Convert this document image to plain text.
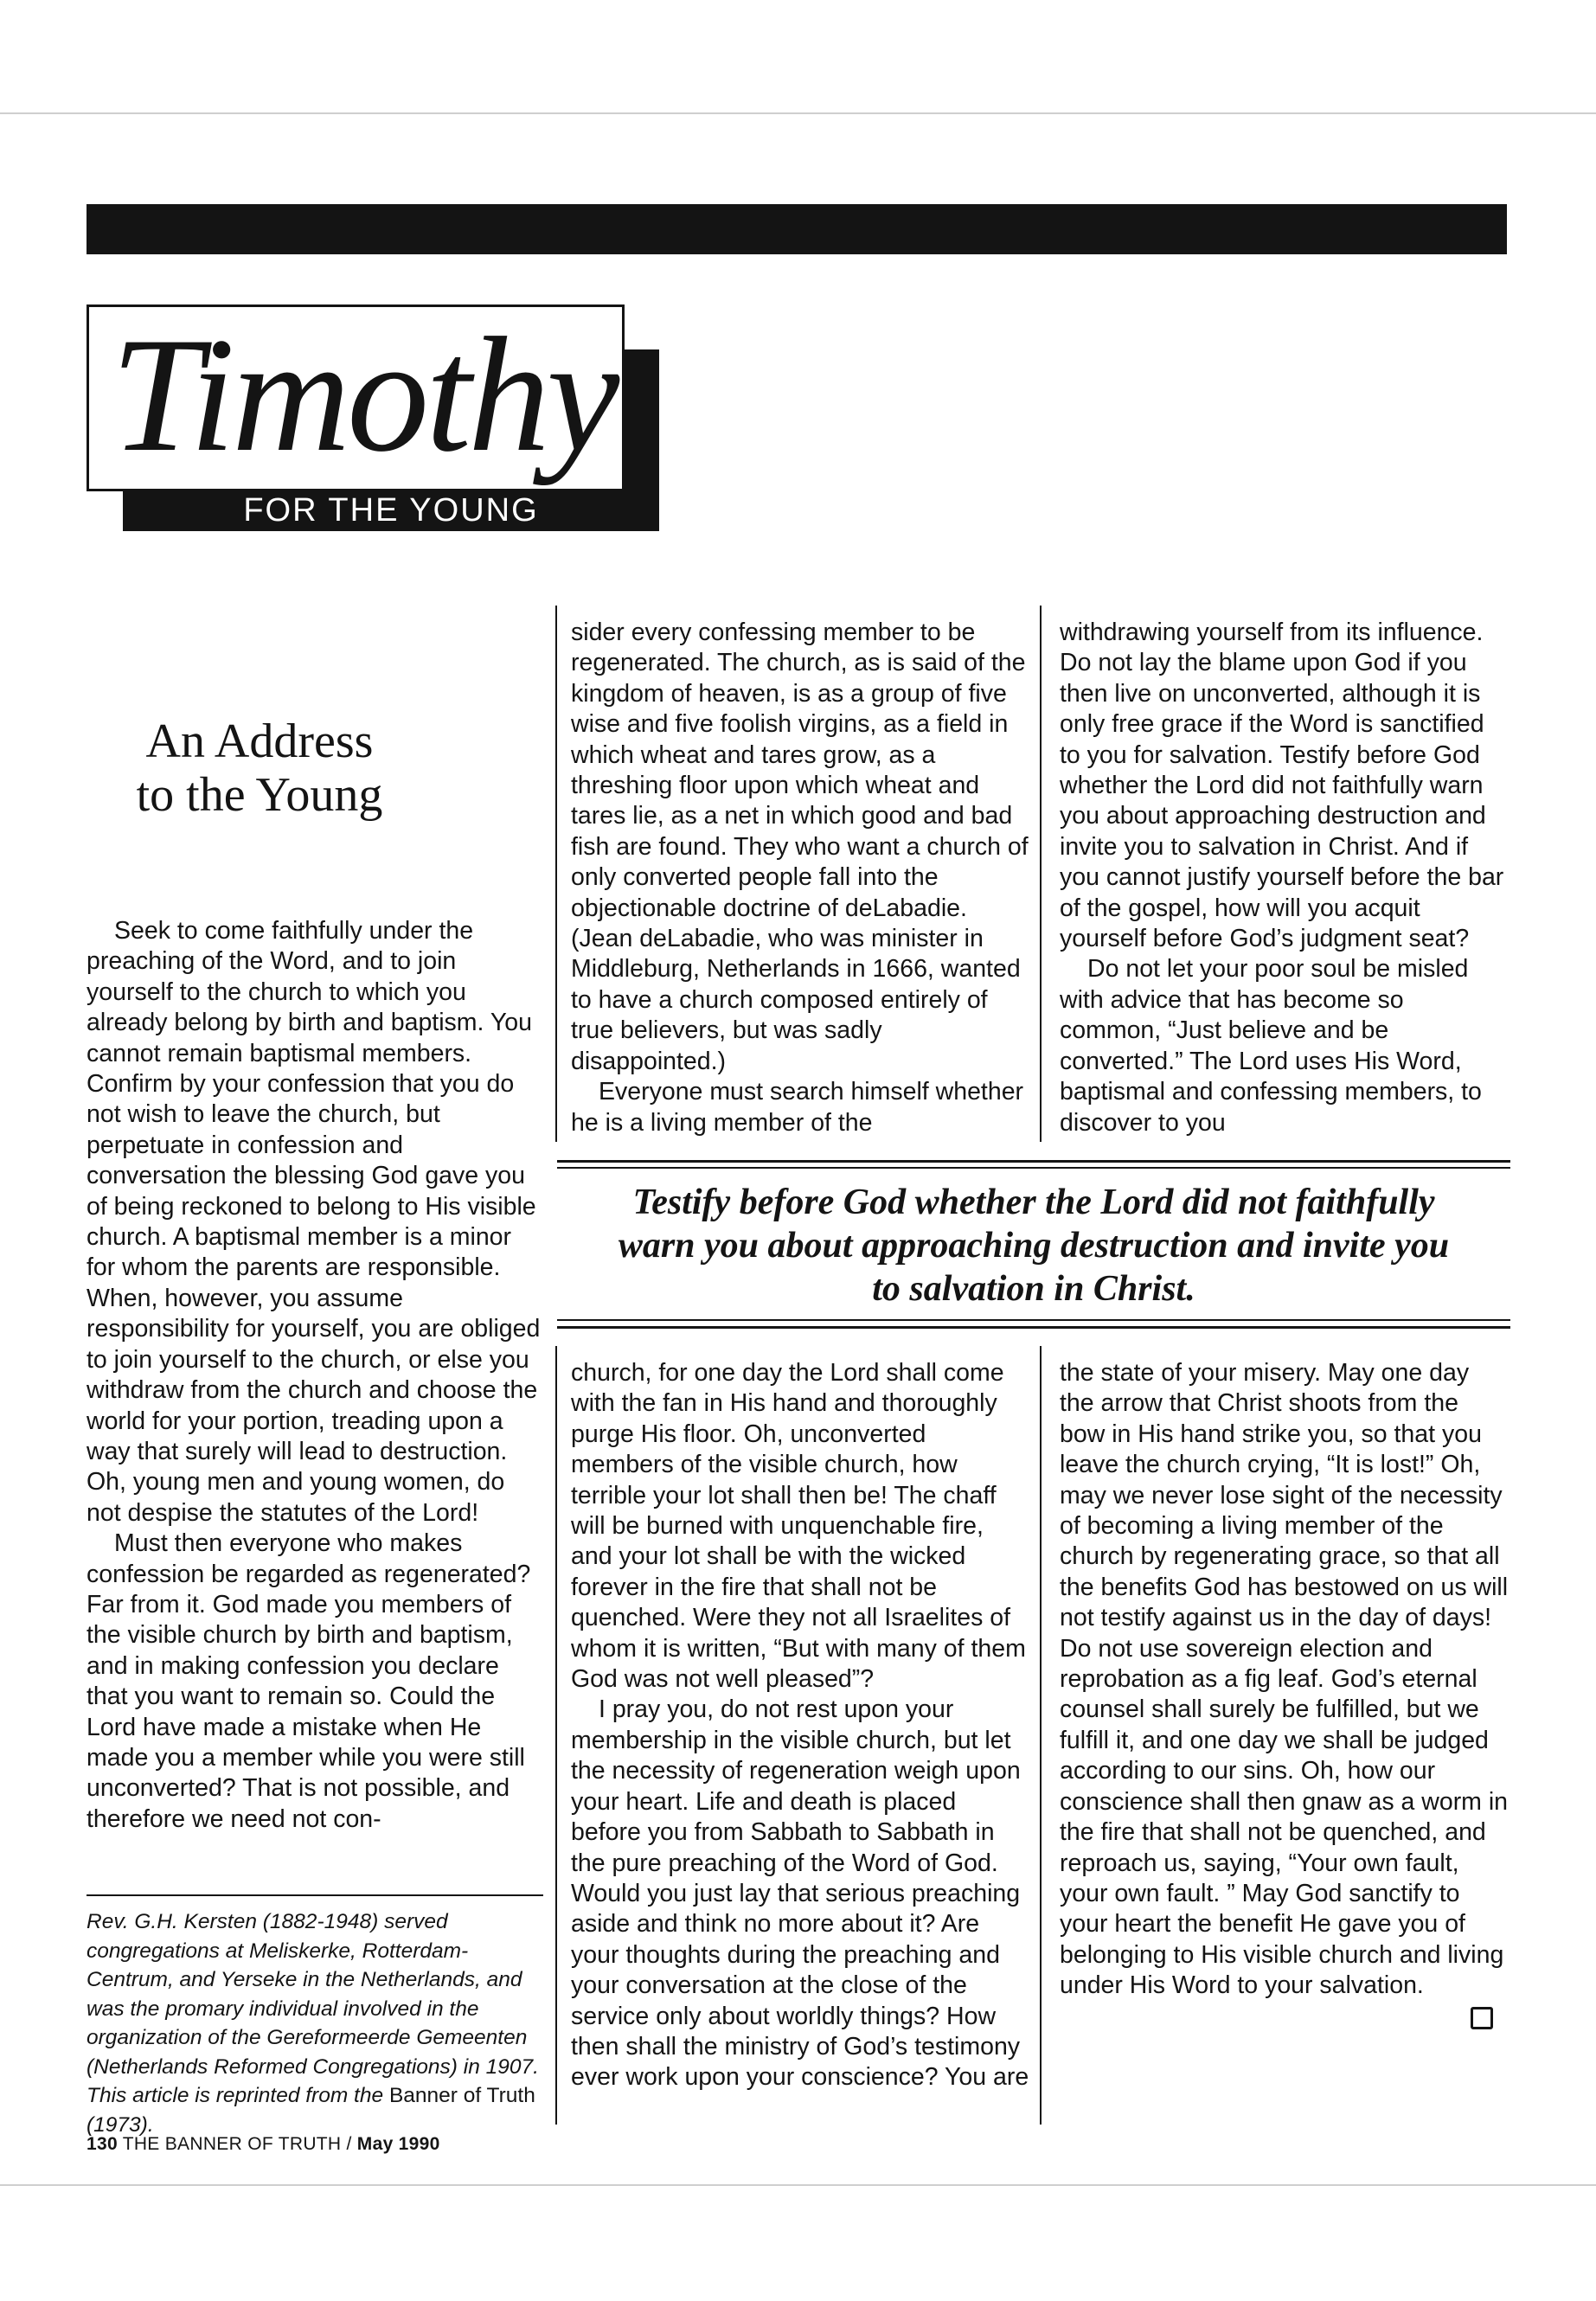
Timothy
FOR THE YOUNG
An Address
to the Young

Seek to come faithfully under the preaching of the Word, and to join yourself to the church to which you already belong by birth and baptism. You cannot remain baptismal members. Confirm by your confession that you do not wish to leave the church, but perpetuate in confession and conversation the blessing God gave you of being reckoned to belong to His visible church. A baptismal member is a minor for whom the parents are responsible. When, however, you assume responsibility for yourself, you are obliged to join yourself to the church, or else you withdraw from the church and choose the world for your portion, treading upon a way that surely will lead to destruction. Oh, young men and young women, do not despise the statutes of the Lord!

Must then everyone who makes confession be regarded as regenerated? Far from it. God made you members of the visible church by birth and baptism, and in making confession you declare that you want to remain so. Could the Lord have made a mistake when He made you a member while you were still unconverted? That is not possible, and therefore we need not con-

sider every confessing member to be regenerated. The church, as is said of the kingdom of heaven, is as a group of five wise and five foolish virgins, as a field in which wheat and tares grow, as a threshing floor upon which wheat and tares lie, as a net in which good and bad fish are found. They who want a church of only converted people fall into the objectionable doctrine of deLabadie. (Jean deLabadie, who was minister in Middleburg, Netherlands in 1666, wanted to have a church composed entirely of true believers, but was sadly disappointed.)

Everyone must search himself whether he is a living member of the

withdrawing yourself from its influence. Do not lay the blame upon God if you then live on unconverted, although it is only free grace if the Word is sanctified to you for salvation. Testify before God whether the Lord did not faithfully warn you about approaching destruction and invite you to salvation in Christ. And if you cannot justify yourself before the bar of the gospel, how will you acquit yourself before God’s judgment seat?

Do not let your poor soul be misled with advice that has become so common, “Just believe and be converted.” The Lord uses His Word, baptismal and confessing members, to discover to you

Testify before God whether the Lord did not faithfully
warn you about approaching destruction and invite you
to salvation in Christ.

church, for one day the Lord shall come with the fan in His hand and thoroughly purge His floor. Oh, unconverted members of the visible church, how terrible your lot shall then be! The chaff will be burned with unquenchable fire, and your lot shall be with the wicked forever in the fire that shall not be quenched. Were they not all Israelites of whom it is written, “But with many of them God was not well pleased”?

I pray you, do not rest upon your membership in the visible church, but let the necessity of regeneration weigh upon your heart. Life and death is placed before you from Sabbath to Sabbath in the pure preaching of the Word of God. Would you just lay that serious preaching aside and think no more about it? Are your thoughts during the preaching and your conversation at the close of the service only about worldly things? How then shall the ministry of God’s testimony ever work upon your conscience? You are

the state of your misery. May one day the arrow that Christ shoots from the bow in His hand strike you, so that you leave the church crying, “It is lost!” Oh, may we never lose sight of the necessity of becoming a living member of the church by regenerating grace, so that all the benefits God has bestowed on us will not testify against us in the day of days! Do not use sovereign election and reprobation as a fig leaf. God’s eternal counsel shall surely be fulfilled, but we fulfill it, and one day we shall be judged according to our sins. Oh, how our conscience shall then gnaw as a worm in the fire that shall not be quenched, and reproach us, saying, “Your own fault, your own fault. ” May God sanctify to your heart the benefit He gave you of belonging to His visible church and living under His Word to your salvation.

Rev. G.H. Kersten (1882-1948) served congregations at Meliskerke, Rotterdam-Centrum, and Yerseke in the Netherlands, and was the promary individual involved in the organization of the Gereformeerde Gemeenten (Netherlands Reformed Congregations) in 1907. This article is reprinted from the Banner of Truth (1973).
130 THE BANNER OF TRUTH / May 1990
